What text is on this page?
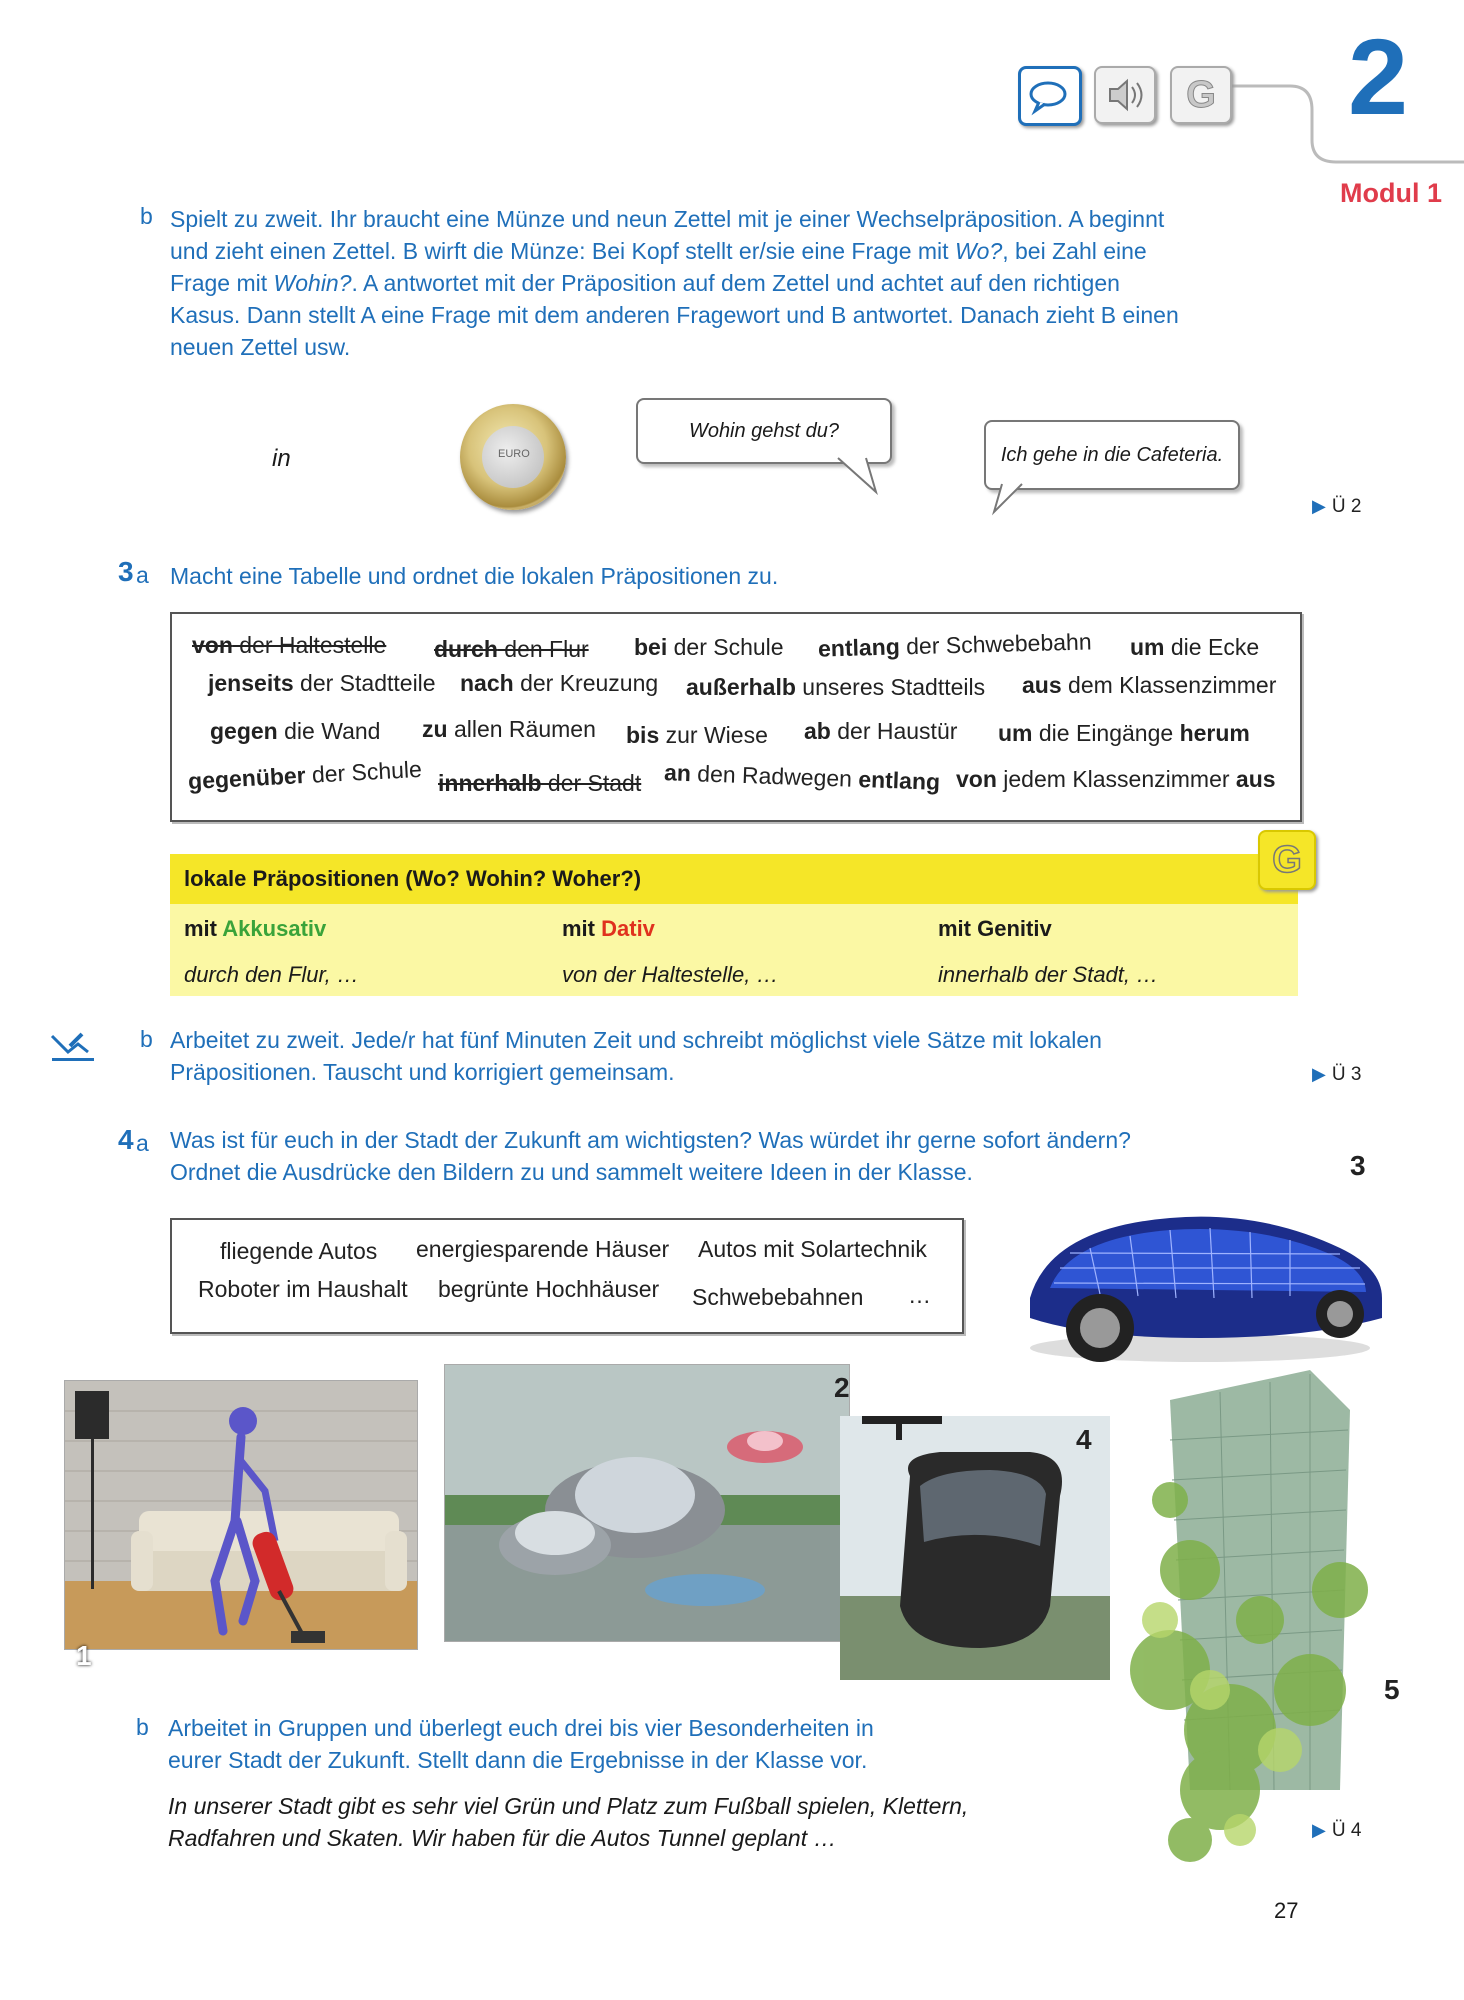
G 2
Modul 1
b Spielt zu zweit. Ihr braucht eine Münze und neun Zettel mit je einer Wechselpräposition. A beginnt
und zieht einen Zettel. B wirft die Münze: Bei Kopf stellt er/sie eine Frage mit Wo?, bei Zahl eine
Frage mit Wohin?. A antwortet mit der Präposition auf dem Zettel und achtet auf den richtigen
Kasus. Dann stellt A eine Frage mit dem anderen Fragewort und B antwortet. Danach zieht B einen
neuen Zettel usw.
in	EURO
Wohin gehst du?
Ich gehe in die Cafeteria.
▶ Ü 2
3 a Macht eine Tabelle und ordnet die lokalen Präpositionen zu.
von der Haltestelle durch den Flur bei der Schule entlang der Schwebebahn um die Ecke
jenseits der Stadtteile nach der Kreuzung außerhalb unseres Stadtteils aus dem Klassenzimmer
gegen die Wand zu allen Räumen bis zur Wiese ab der Haustür um die Eingänge herum
gegenüber der Schule innerhalb der Stadt an den Radwegen entlang von jedem Klassenzimmer aus
lokale Präpositionen (Wo? Wohin? Woher?)
mit Akkusativ	mit Dativ	mit Genitiv
durch den Flur, …	von der Haltestelle, …	innerhalb der Stadt, …
G
b Arbeitet zu zweit. Jede/r hat fünf Minuten Zeit und schreibt möglichst viele Sätze mit lokalen
Präpositionen. Tauscht und korrigiert gemeinsam.	▶ Ü 3
4 a Was ist für euch in der Stadt der Zukunft am wichtigsten? Was würdet ihr gerne sofort ändern?
Ordnet die Ausdrücke den Bildern zu und sammelt weitere Ideen in der Klasse.
fliegende Autos energiesparende Häuser Autos mit Solartechnik
Roboter im Haushalt begrünte Hochhäuser Schwebebahnen …
3
1
2
4
5
b Arbeitet in Gruppen und überlegt euch drei bis vier Besonderheiten in
eurer Stadt der Zukunft. Stellt dann die Ergebnisse in der Klasse vor.
In unserer Stadt gibt es sehr viel Grün und Platz zum Fußball spielen, Klettern,
Radfahren und Skaten. Wir haben für die Autos Tunnel geplant …	▶ Ü 4
27
